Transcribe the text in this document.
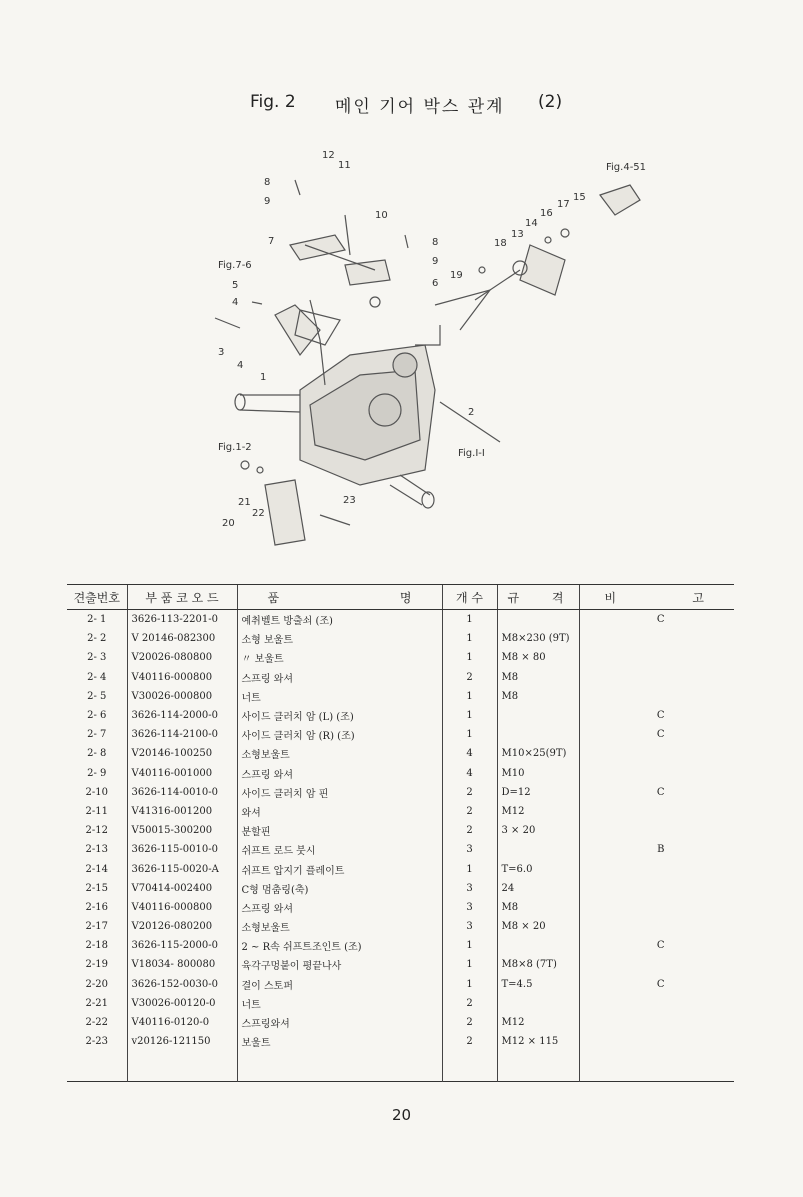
Fig. 2 메인 기어 박스 관계 (2)
12
11
8
9
10
8
7
9
Fig.7-6
6
5
4
3
4
1
2
Fig.1-2
Fig.I-I
21
22
23
20
Fig.4-51
15
17
16
14
13
18
19
견출번호	부 품 코 오 드	품 명	개 수	규 격	비 고

2- 1	3626-113-2201-0	예취벨트 방출쇠 (조)	1		C
2- 2	V 20146-082300	소형 보울트	1	M8×230 (9T)	
2- 3	V20026-080800	〃 보울트	1	M8 × 80	
2- 4	V40116-000800	스프링 와셔	2	M8	
2- 5	V30026-000800	너트	1	M8	
2- 6	3626-114-2000-0	사이드 클러치 암 (L) (조)	1		C
2- 7	3626-114-2100-0	사이드 클러치 암 (R) (조)	1		C
2- 8	V20146-100250	소형보울트	4	M10×25(9T)	
2- 9	V40116-001000	스프링 와셔	4	M10	
2-10	3626-114-0010-0	사이드 클러치 암 핀	2	D=12	C
2-11	V41316-001200	와셔	2	M12	
2-12	V50015-300200	분할핀	2	3 × 20	
2-13	3626-115-0010-0	쉬프트 로드 붓시	3		B
2-14	3626-115-0020-A	쉬프트 압지기 플레이트	1	T=6.0	
2-15	V70414-002400	C형 멈춤링(축)	3	24	
2-16	V40116-000800	스프링 와셔	3	M8	
2-17	V20126-080200	소형보울트	3	M8 × 20	
2-18	3626-115-2000-0	2 ~ R속 쉬프트조인트 (조)	1		C
2-19	V18034- 800080	육각구멍붙이 평끝나사	1	M8×8 (7T)	
2-20	3626-152-0030-0	결이 스토퍼	1	T=4.5	C
2-21	V30026-00120-0	너트	2		
2-22	V40116-0120-0	스프링와셔	2	M12	
2-23	v20126-121150	보울트	2	M12 × 115	

20
